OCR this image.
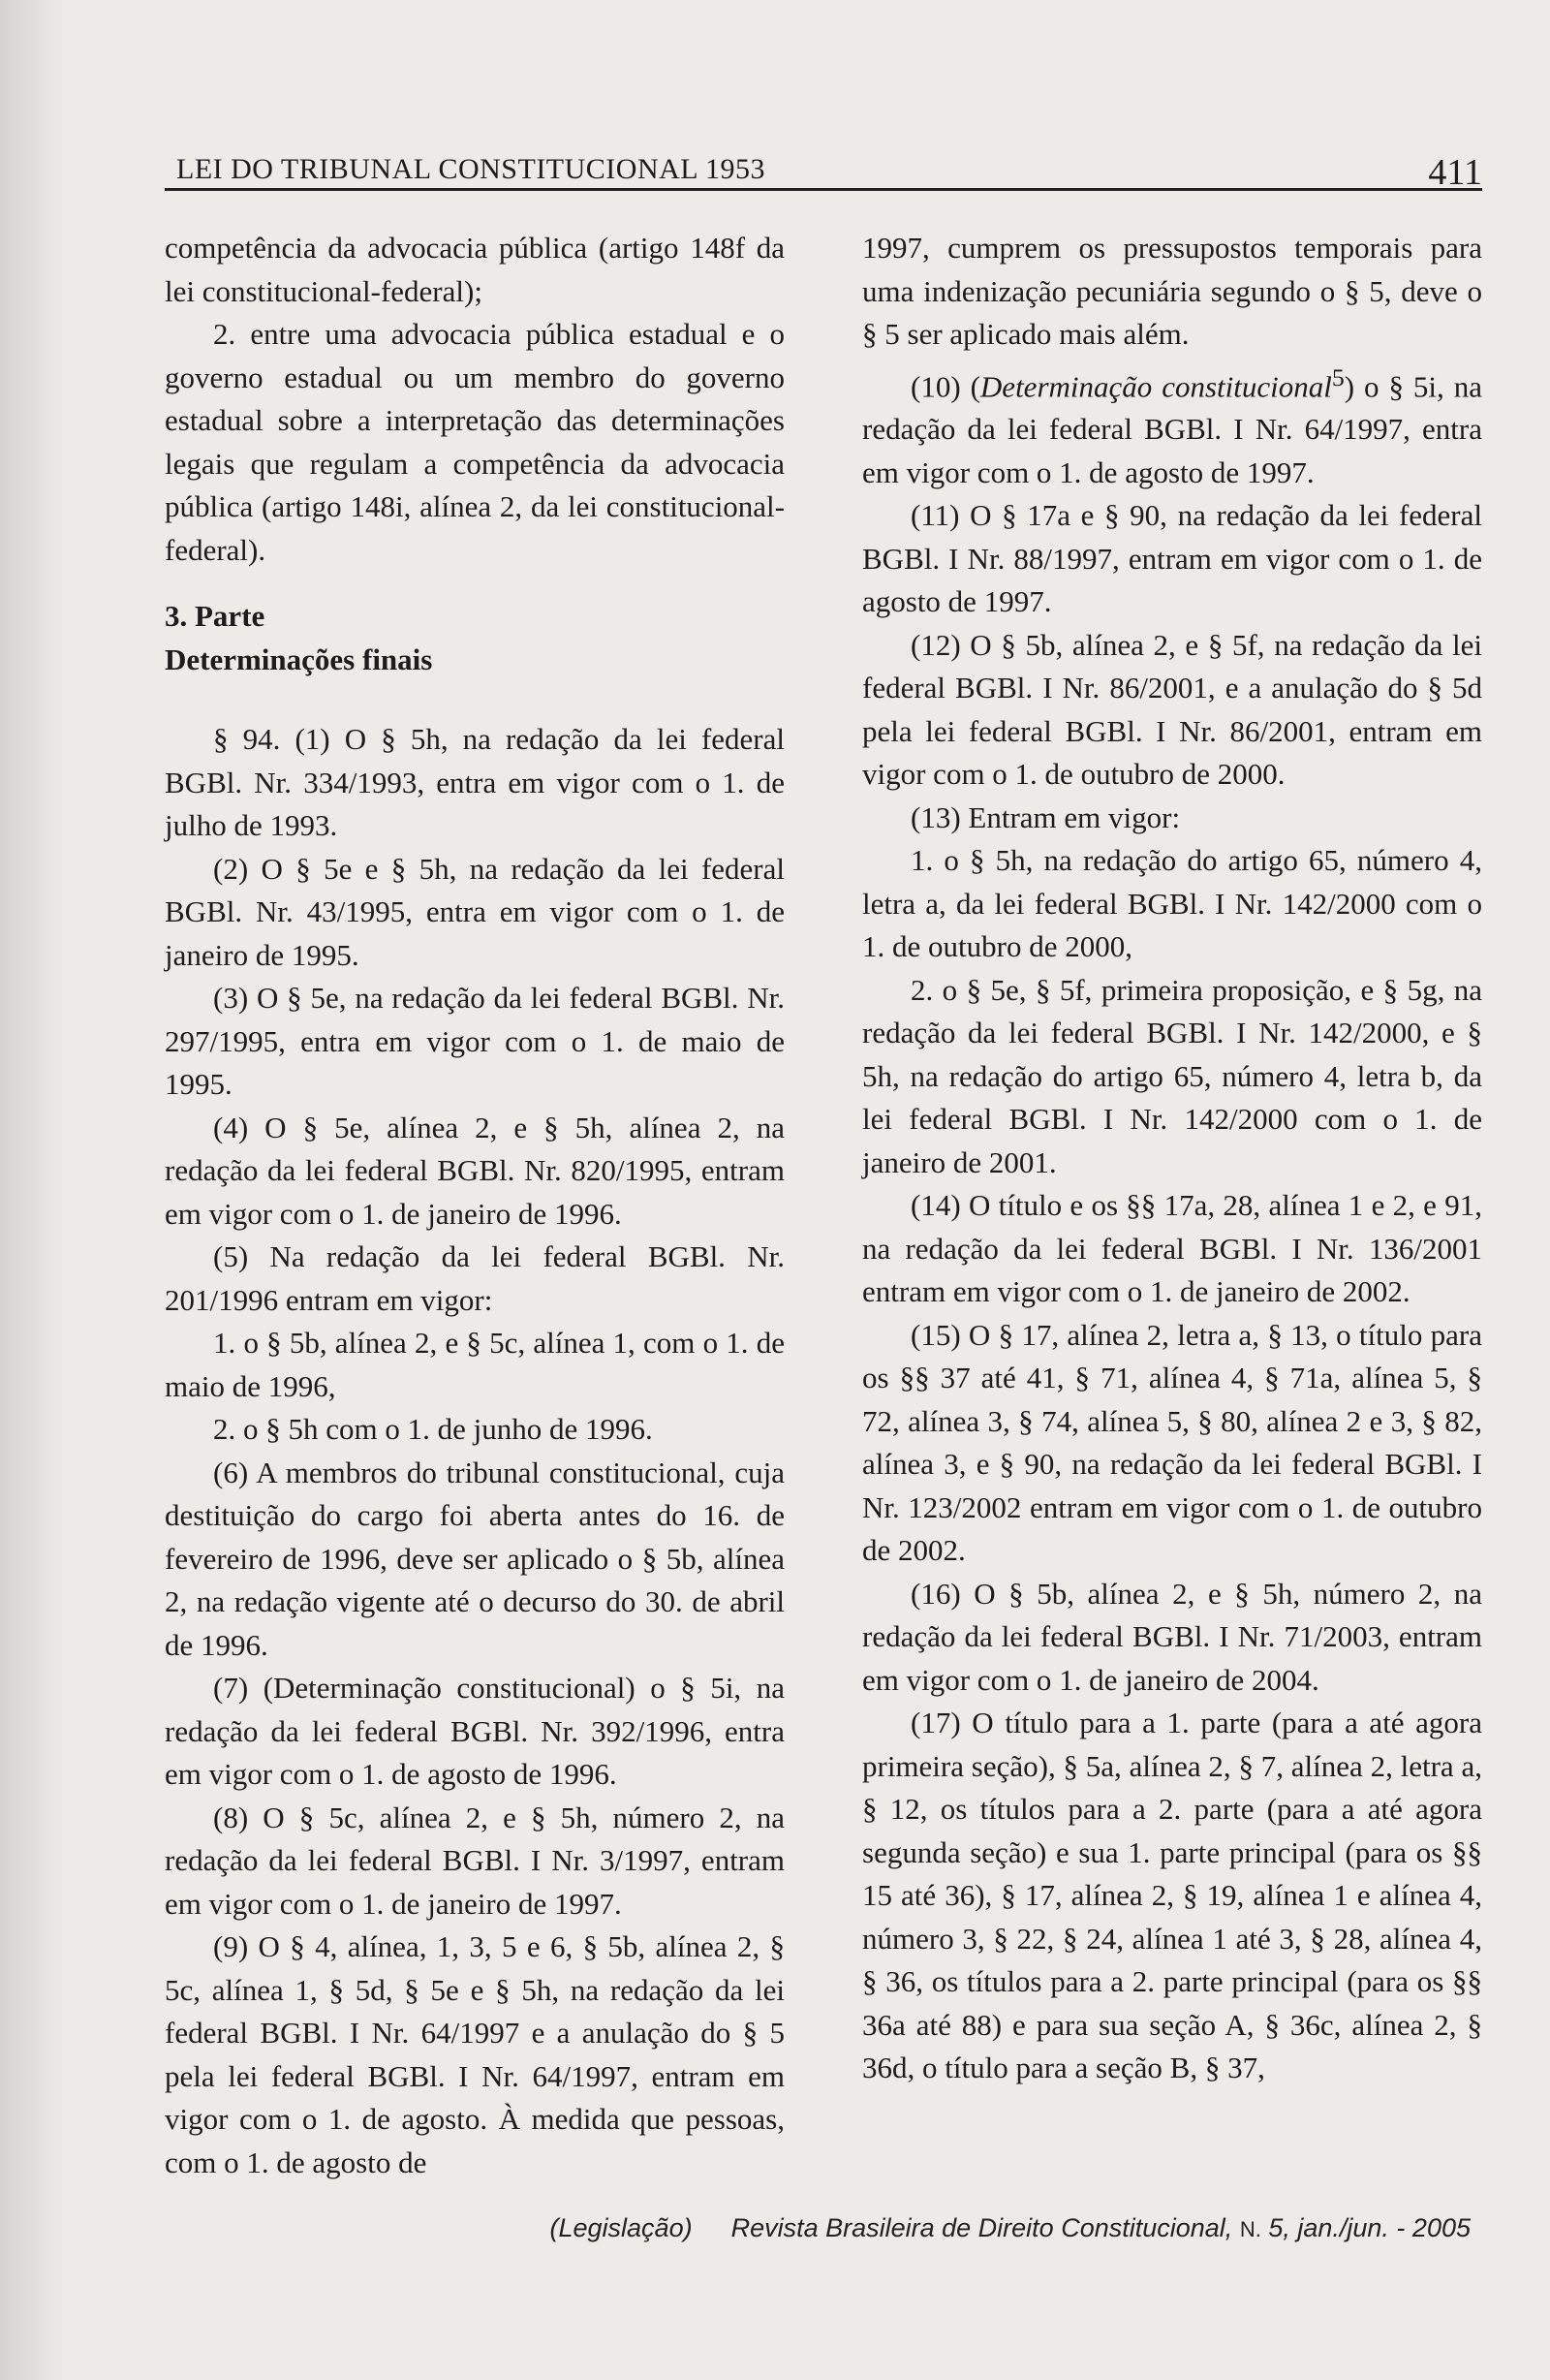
LEI DO TRIBUNAL CONSTITUCIONAL 1953	411

competência da advocacia pública (artigo 148f da lei constitucional-federal);

2. entre uma advocacia pública estadual e o governo estadual ou um membro do governo estadual sobre a interpretação das determinações legais que regulam a competência da advocacia pública (artigo 148i, alínea 2, da lei constitucional-federal).

3. Parte

Determinações finais

§ 94. (1) O § 5h, na redação da lei federal BGBl. Nr. 334/1993, entra em vigor com o 1. de julho de 1993.

(2) O § 5e e § 5h, na redação da lei federal BGBl. Nr. 43/1995, entra em vigor com o 1. de janeiro de 1995.

(3) O § 5e, na redação da lei federal BGBl. Nr. 297/1995, entra em vigor com o 1. de maio de 1995.

(4) O § 5e, alínea 2, e § 5h, alínea 2, na redação da lei federal BGBl. Nr. 820/1995, entram em vigor com o 1. de janeiro de 1996.

(5) Na redação da lei federal BGBl. Nr. 201/1996 entram em vigor:

1. o § 5b, alínea 2, e § 5c, alínea 1, com o 1. de maio de 1996,

2. o § 5h com o 1. de junho de 1996.

(6) A membros do tribunal constitucional, cuja destituição do cargo foi aberta antes do 16. de fevereiro de 1996, deve ser aplicado o § 5b, alínea 2, na redação vigente até o decurso do 30. de abril de 1996.

(7) (Determinação constitucional) o § 5i, na redação da lei federal BGBl. Nr. 392/1996, entra em vigor com o 1. de agosto de 1996.

(8) O § 5c, alínea 2, e § 5h, número 2, na redação da lei federal BGBl. I Nr. 3/1997, entram em vigor com o 1. de janeiro de 1997.

(9) O § 4, alínea, 1, 3, 5 e 6, § 5b, alínea 2, § 5c, alínea 1, § 5d, § 5e e § 5h, na redação da lei federal BGBl. I Nr. 64/1997 e a anulação do § 5 pela lei federal BGBl. I Nr. 64/1997, entram em vigor com o 1. de agosto. À medida que pessoas, com o 1. de agosto de

1997, cumprem os pressupostos temporais para uma indenização pecuniária segundo o § 5, deve o § 5 ser aplicado mais além.

(10) (Determinação constitucional$^5$) o § 5i, na redação da lei federal BGBl. I Nr. 64/1997, entra em vigor com o 1. de agosto de 1997.

(11) O § 17a e § 90, na redação da lei federal BGBl. I Nr. 88/1997, entram em vigor com o 1. de agosto de 1997.

(12) O § 5b, alínea 2, e § 5f, na redação da lei federal BGBl. I Nr. 86/2001, e a anulação do § 5d pela lei federal BGBl. I Nr. 86/2001, entram em vigor com o 1. de outubro de 2000.

(13) Entram em vigor:

1. o § 5h, na redação do artigo 65, número 4, letra a, da lei federal BGBl. I Nr. 142/2000 com o 1. de outubro de 2000,

2. o § 5e, § 5f, primeira proposição, e § 5g, na redação da lei federal BGBl. I Nr. 142/2000, e § 5h, na redação do artigo 65, número 4, letra b, da lei federal BGBl. I Nr. 142/2000 com o 1. de janeiro de 2001.

(14) O título e os §§ 17a, 28, alínea 1 e 2, e 91, na redação da lei federal BGBl. I Nr. 136/2001 entram em vigor com o 1. de janeiro de 2002.

(15) O § 17, alínea 2, letra a, § 13, o título para os §§ 37 até 41, § 71, alínea 4, § 71a, alínea 5, § 72, alínea 3, § 74, alínea 5, § 80, alínea 2 e 3, § 82, alínea 3, e § 90, na redação da lei federal BGBl. I Nr. 123/2002 entram em vigor com o 1. de outubro de 2002.

(16) O § 5b, alínea 2, e § 5h, número 2, na redação da lei federal BGBl. I Nr. 71/2003, entram em vigor com o 1. de janeiro de 2004.

(17) O título para a 1. parte (para a até agora primeira seção), § 5a, alínea 2, § 7, alínea 2, letra a, § 12, os títulos para a 2. parte (para a até agora segunda seção) e sua 1. parte principal (para os §§ 15 até 36), § 17, alínea 2, § 19, alínea 1 e alínea 4, número 3, § 22, § 24, alínea 1 até 3, § 28, alínea 4, § 36, os títulos para a 2. parte principal (para os §§ 36a até 88) e para sua seção A, § 36c, alínea 2, § 36d, o título para a seção B, § 37,

(Legislação) Revista Brasileira de Direito Constitucional, N. 5, jan./jun. - 2005
